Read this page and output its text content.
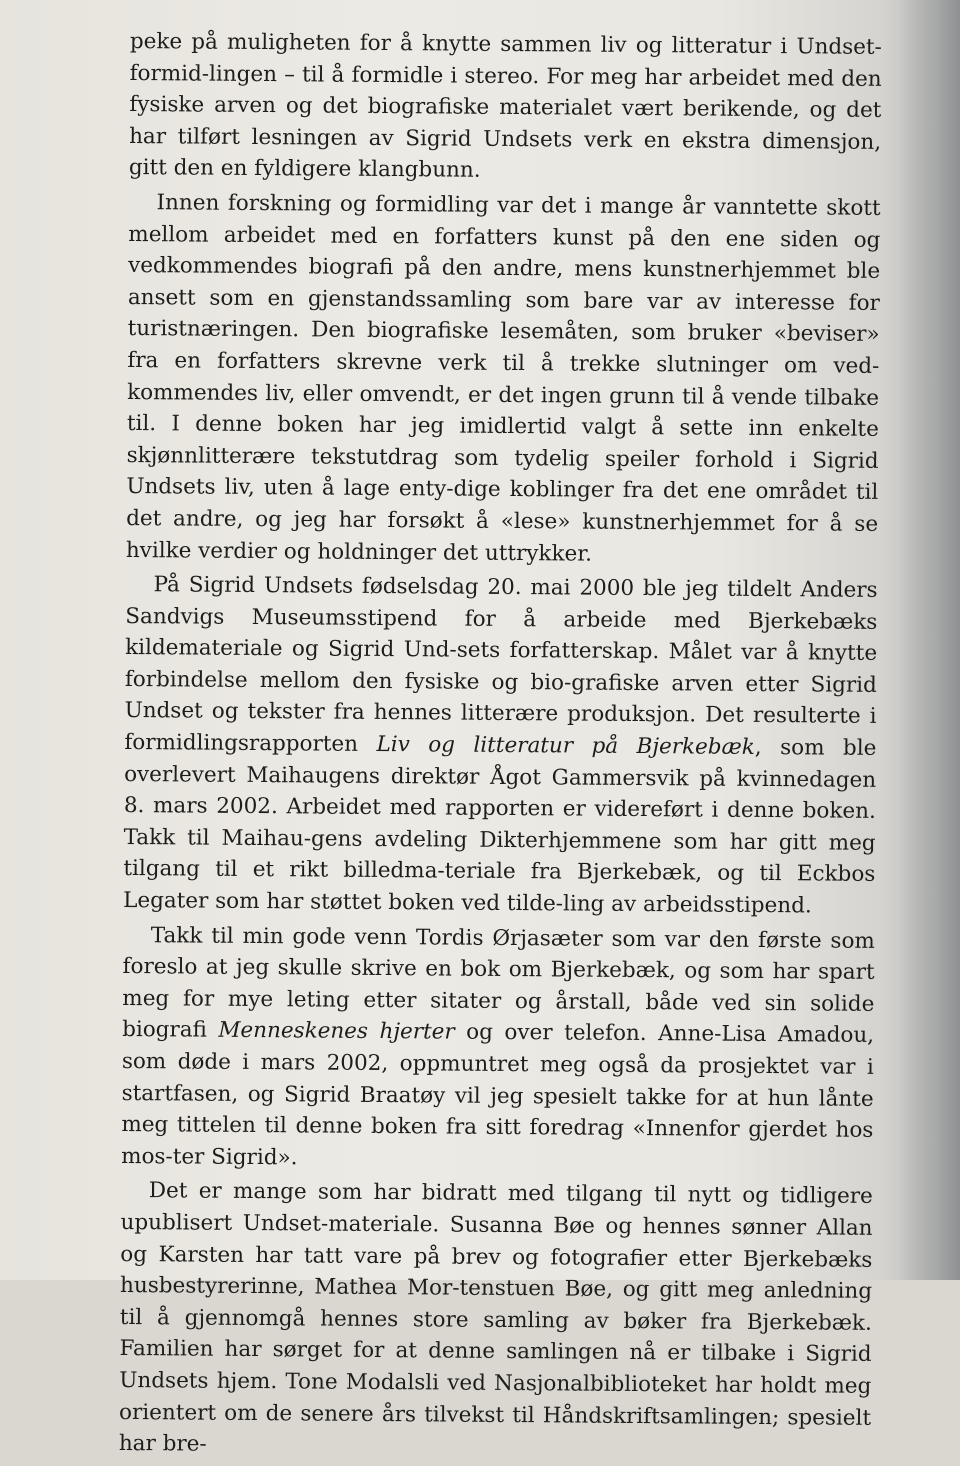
peke på muligheten for å knytte sammen liv og litteratur i Undset-formid-lingen – til å formidle i stereo. For meg har arbeidet med den fysiske arven og det biografiske materialet vært berikende, og det har tilført lesningen av Sigrid Undsets verk en ekstra dimensjon, gitt den en fyldigere klangbunn.

Innen forskning og formidling var det i mange år vanntette skott mellom arbeidet med en forfatters kunst på den ene siden og vedkommendes biografi på den andre, mens kunstnerhjemmet ble ansett som en gjenstandssamling som bare var av interesse for turistnæringen. Den biografiske lesemåten, som bruker «beviser» fra en forfatters skrevne verk til å trekke slutninger om ved-kommendes liv, eller omvendt, er det ingen grunn til å vende tilbake til. I denne boken har jeg imidlertid valgt å sette inn enkelte skjønnlitterære tekstutdrag som tydelig speiler forhold i Sigrid Undsets liv, uten å lage enty-dige koblinger fra det ene området til det andre, og jeg har forsøkt å «lese» kunstnerhjemmet for å se hvilke verdier og holdninger det uttrykker.

På Sigrid Undsets fødselsdag 20. mai 2000 ble jeg tildelt Anders Sandvigs Museumsstipend for å arbeide med Bjerkebæks kildemateriale og Sigrid Und-sets forfatterskap. Målet var å knytte forbindelse mellom den fysiske og bio-grafiske arven etter Sigrid Undset og tekster fra hennes litterære produksjon. Det resulterte i formidlingsrapporten Liv og litteratur på Bjerkebæk, som ble overlevert Maihaugens direktør Ågot Gammersvik på kvinnedagen 8. mars 2002. Arbeidet med rapporten er videreført i denne boken. Takk til Maihau-gens avdeling Dikterhjemmene som har gitt meg tilgang til et rikt billedma-teriale fra Bjerkebæk, og til Eckbos Legater som har støttet boken ved tilde-ling av arbeidsstipend.

Takk til min gode venn Tordis Ørjasæter som var den første som foreslo at jeg skulle skrive en bok om Bjerkebæk, og som har spart meg for mye leting etter sitater og årstall, både ved sin solide biografi Menneskenes hjerter og over telefon. Anne-Lisa Amadou, som døde i mars 2002, oppmuntret meg også da prosjektet var i startfasen, og Sigrid Braatøy vil jeg spesielt takke for at hun lånte meg tittelen til denne boken fra sitt foredrag «Innenfor gjerdet hos mos-ter Sigrid».

Det er mange som har bidratt med tilgang til nytt og tidligere upublisert Undset-materiale. Susanna Bøe og hennes sønner Allan og Karsten har tatt vare på brev og fotografier etter Bjerkebæks husbestyrerinne, Mathea Mor-tenstuen Bøe, og gitt meg anledning til å gjennomgå hennes store samling av bøker fra Bjerkebæk. Familien har sørget for at denne samlingen nå er tilbake i Sigrid Undsets hjem. Tone Modalsli ved Nasjonalbiblioteket har holdt meg orientert om de senere års tilvekst til Håndskriftsamlingen; spesielt har bre-
